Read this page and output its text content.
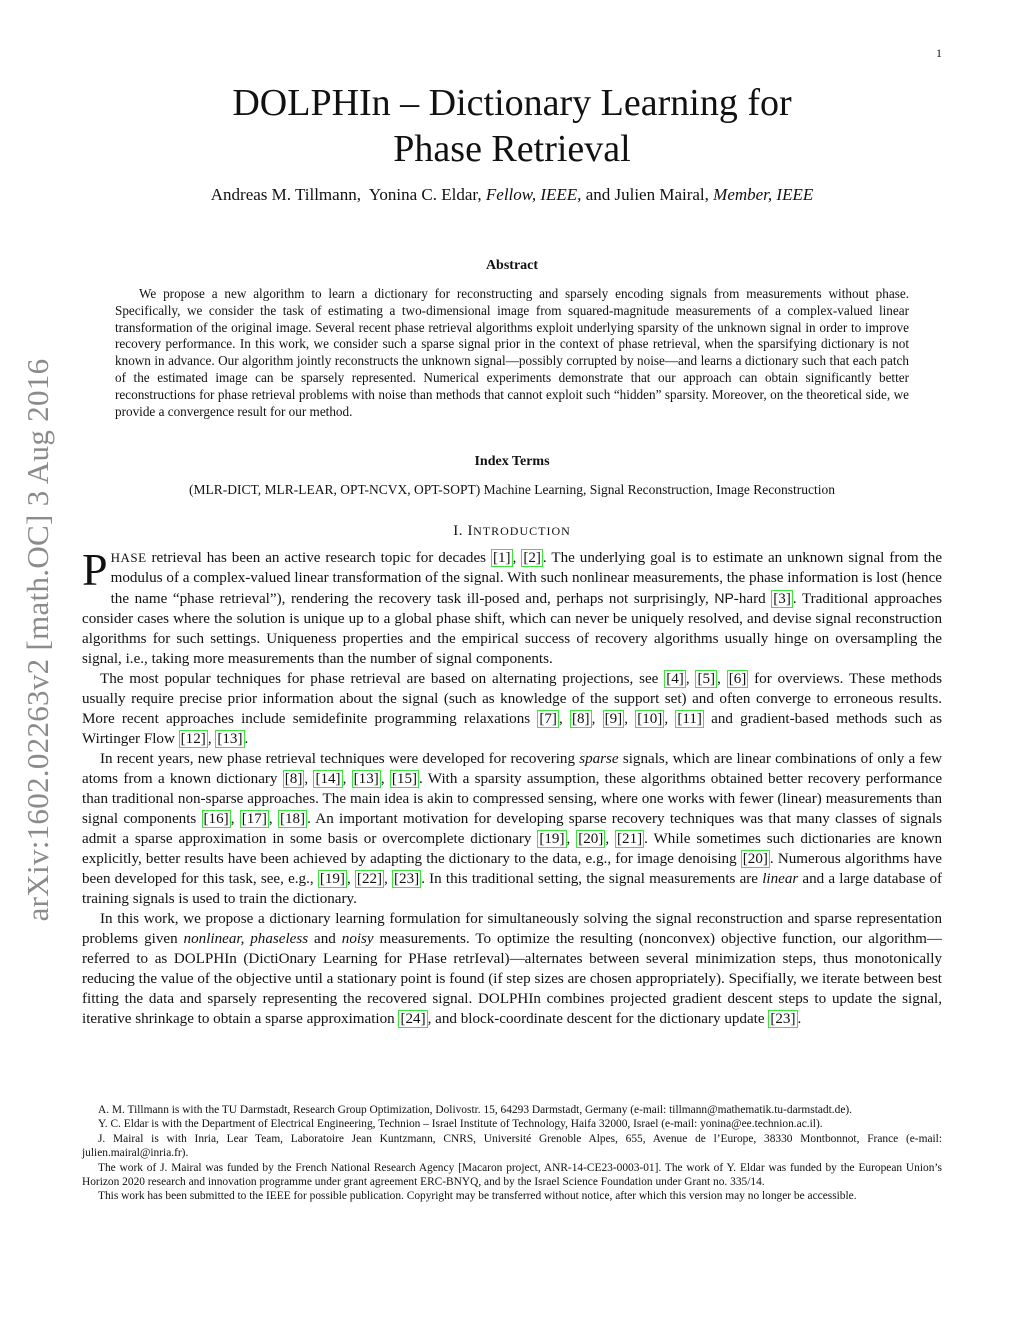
1
arXiv:1602.02263v2 [math.OC] 3 Aug 2016
DOLPHIn – Dictionary Learning for
Phase Retrieval
Andreas M. Tillmann, Yonina C. Eldar, Fellow, IEEE, and Julien Mairal, Member, IEEE
Abstract

We propose a new algorithm to learn a dictionary for reconstructing and sparsely encoding signals from measurements without phase. Specifically, we consider the task of estimating a two-dimensional image from squared-magnitude measurements of a complex-valued linear transformation of the original image. Several recent phase retrieval algorithms exploit underlying sparsity of the unknown signal in order to improve recovery performance. In this work, we consider such a sparse signal prior in the context of phase retrieval, when the sparsifying dictionary is not known in advance. Our algorithm jointly reconstructs the unknown signal—possibly corrupted by noise—and learns a dictionary such that each patch of the estimated image can be sparsely represented. Numerical experiments demonstrate that our approach can obtain significantly better reconstructions for phase retrieval problems with noise than methods that cannot exploit such “hidden” sparsity. Moreover, on the theoretical side, we provide a convergence result for our method.

Index Terms

(MLR-DICT, MLR-LEAR, OPT-NCVX, OPT-SOPT) Machine Learning, Signal Reconstruction, Image Reconstruction

I. INTRODUCTION

PHASE retrieval has been an active research topic for decades [1] , [2] . The underlying goal is to estimate an unknown signal from the modulus of a complex-valued linear transformation of the signal. With such nonlinear measurements, the phase information is lost (hence the name “phase retrieval”), rendering the recovery task ill-posed and, perhaps not surprisingly, NP-hard [3] . Traditional approaches consider cases where the solution is unique up to a global phase shift, which can never be uniquely resolved, and devise signal reconstruction algorithms for such settings. Uniqueness properties and the empirical success of recovery algorithms usually hinge on oversampling the signal, i.e., taking more measurements than the number of signal components.

The most popular techniques for phase retrieval are based on alternating projections, see [4] , [5] , [6] for overviews. These methods usually require precise prior information about the signal (such as knowledge of the support set) and often converge to erroneous results. More recent approaches include semidefinite programming relaxations [7] , [8] , [9] , [10] , [11] and gradient-based methods such as Wirtinger Flow [12] , [13] .

In recent years, new phase retrieval techniques were developed for recovering sparse signals, which are linear combinations of only a few atoms from a known dictionary [8] , [14] , [13] , [15] . With a sparsity assumption, these algorithms obtained better recovery performance than traditional non-sparse approaches. The main idea is akin to compressed sensing, where one works with fewer (linear) measurements than signal components [16] , [17] , [18] . An important motivation for developing sparse recovery techniques was that many classes of signals admit a sparse approximation in some basis or overcomplete dictionary [19] , [20] , [21] . While sometimes such dictionaries are known explicitly, better results have been achieved by adapting the dictionary to the data, e.g., for image denoising [20] . Numerous algorithms have been developed for this task, see, e.g., [19] , [22] , [23] . In this traditional setting, the signal measurements are linear and a large database of training signals is used to train the dictionary.

In this work, we propose a dictionary learning formulation for simultaneously solving the signal reconstruction and sparse representation problems given nonlinear, phaseless and noisy measurements. To optimize the resulting (nonconvex) objective function, our algorithm—referred to as DOLPHIn (DictiOnary Learning for PHase retrIeval)—alternates between several minimization steps, thus monotonically reducing the value of the objective until a stationary point is found (if step sizes are chosen appropriately). Specifially, we iterate between best fitting the data and sparsely representing the recovered signal. DOLPHIn combines projected gradient descent steps to update the signal, iterative shrinkage to obtain a sparse approximation [24] , and block-coordinate descent for the dictionary update [23] .

A. M. Tillmann is with the TU Darmstadt, Research Group Optimization, Dolivostr. 15, 64293 Darmstadt, Germany (e-mail: tillmann@mathematik.tu-darmstadt.de).

Y. C. Eldar is with the Department of Electrical Engineering, Technion – Israel Institute of Technology, Haifa 32000, Israel (e-mail: yonina@ee.technion.ac.il).

J. Mairal is with Inria, Lear Team, Laboratoire Jean Kuntzmann, CNRS, Université Grenoble Alpes, 655, Avenue de l’Europe, 38330 Montbonnot, France (e-mail: julien.mairal@inria.fr).

The work of J. Mairal was funded by the French National Research Agency [Macaron project, ANR-14-CE23-0003-01]. The work of Y. Eldar was funded by the European Union’s Horizon 2020 research and innovation programme under grant agreement ERC-BNYQ, and by the Israel Science Foundation under Grant no. 335/14.

This work has been submitted to the IEEE for possible publication. Copyright may be transferred without notice, after which this version may no longer be accessible.
